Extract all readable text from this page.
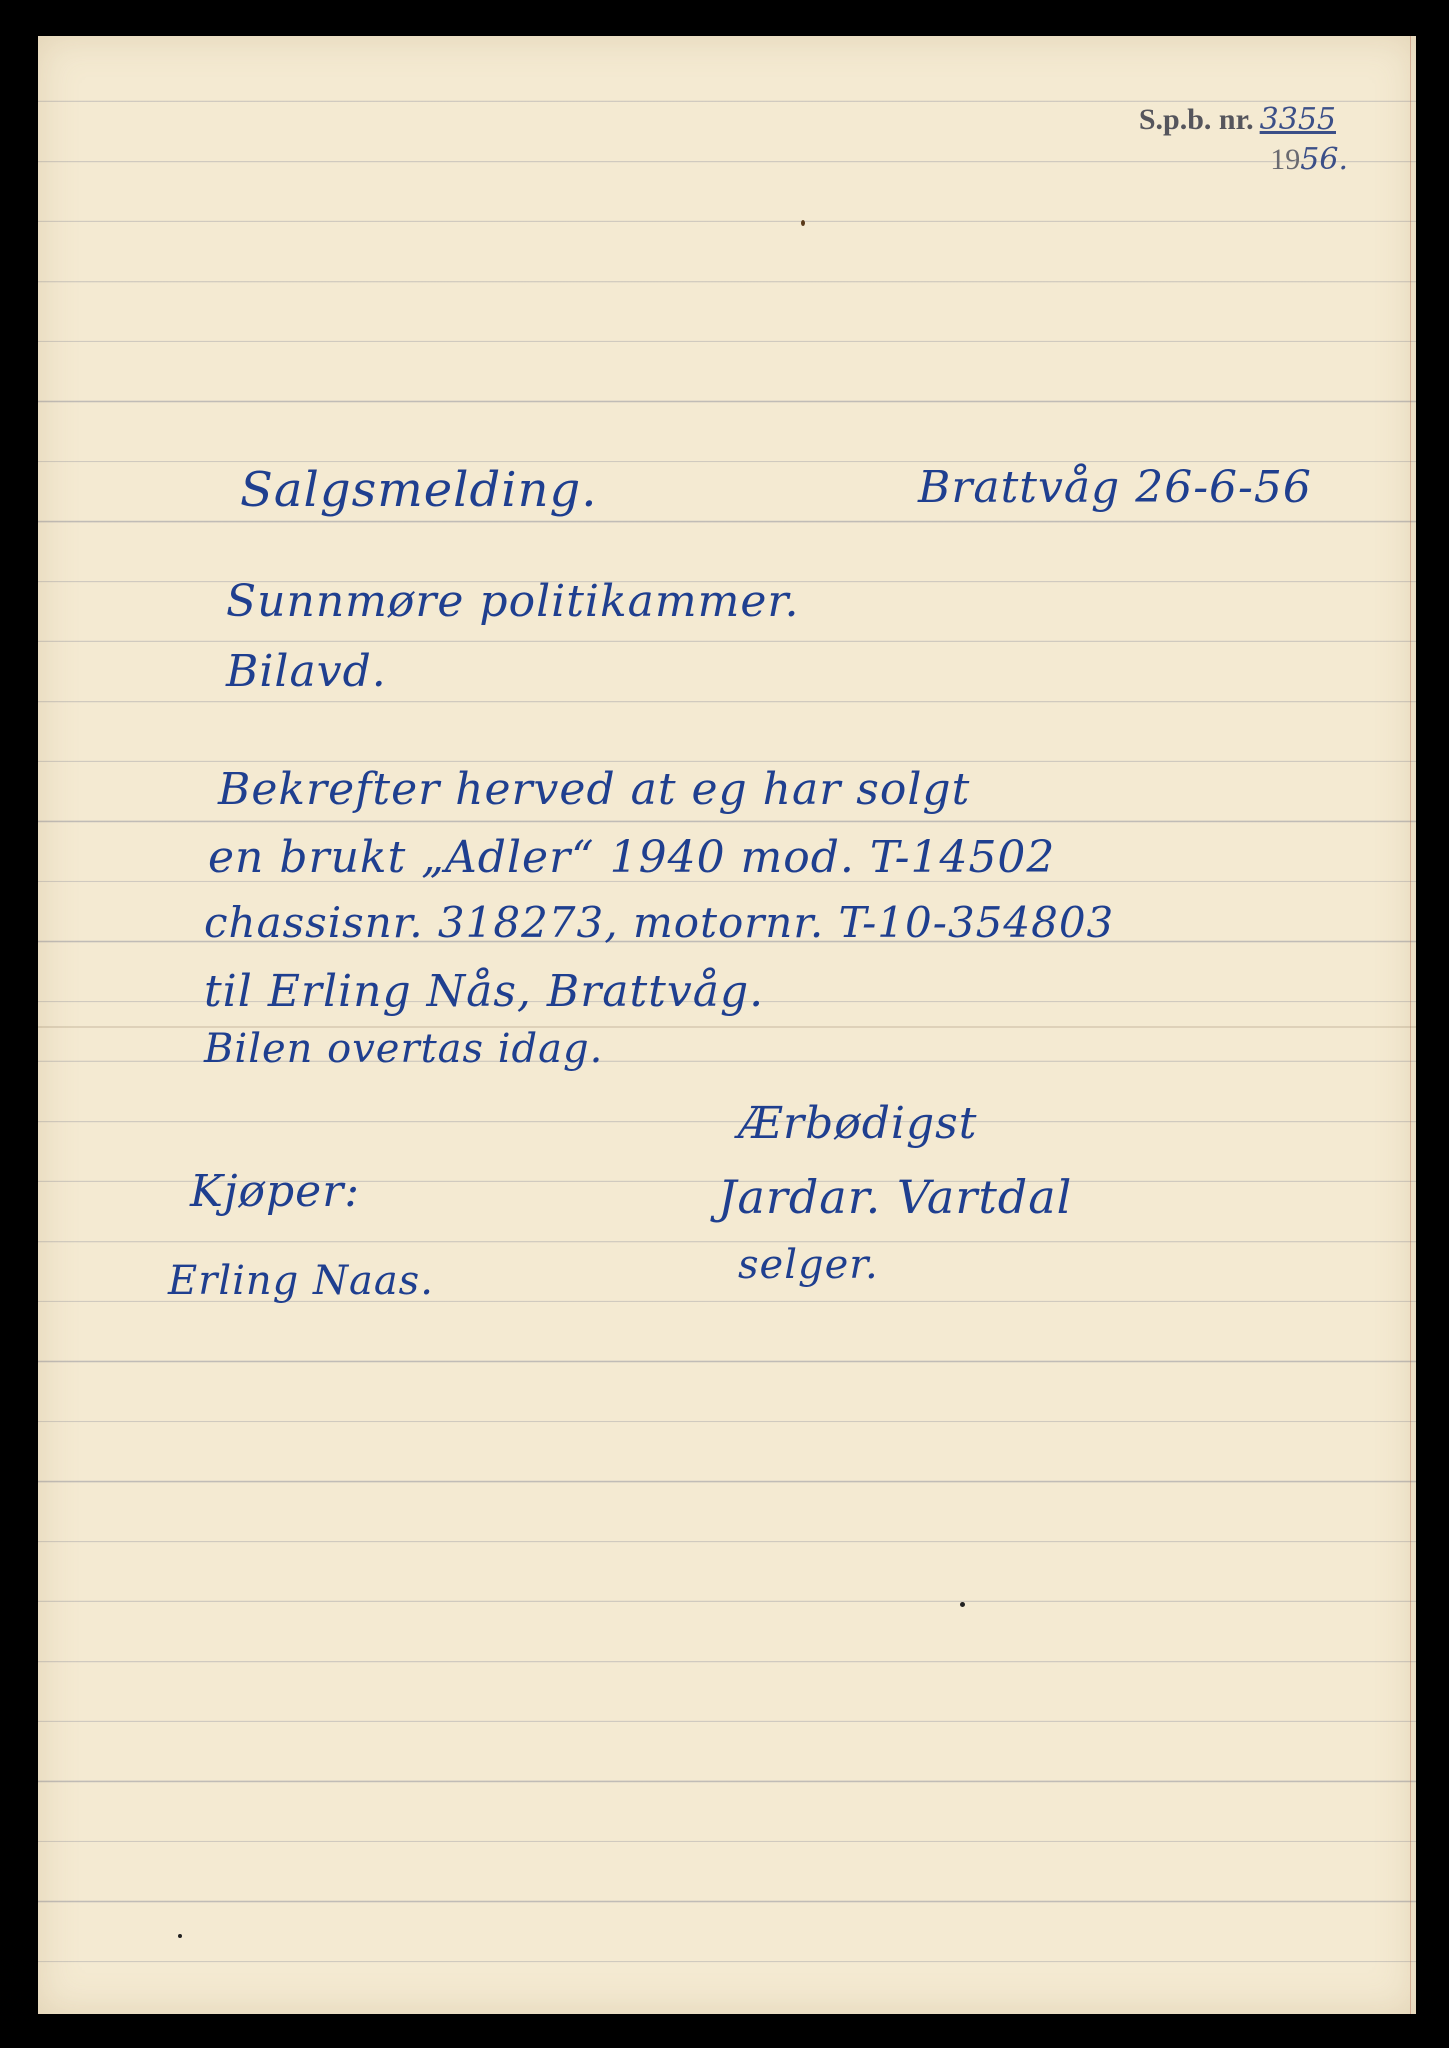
S.p.b. nr. 3355
1956.
Salgsmelding.	Brattvåg 26-6-56
Sunnmøre politikammer.
Bilavd.
Bekrefter herved at eg har solgt
en brukt „Adler“ 1940 mod. T-14502
chassisnr. 318273, motornr. T-10-354803
til Erling Nås, Brattvåg.
Bilen overtas idag.
Kjøper:
Erling Naas.
Ærbødigst
Jardar. Vartdal
selger.
